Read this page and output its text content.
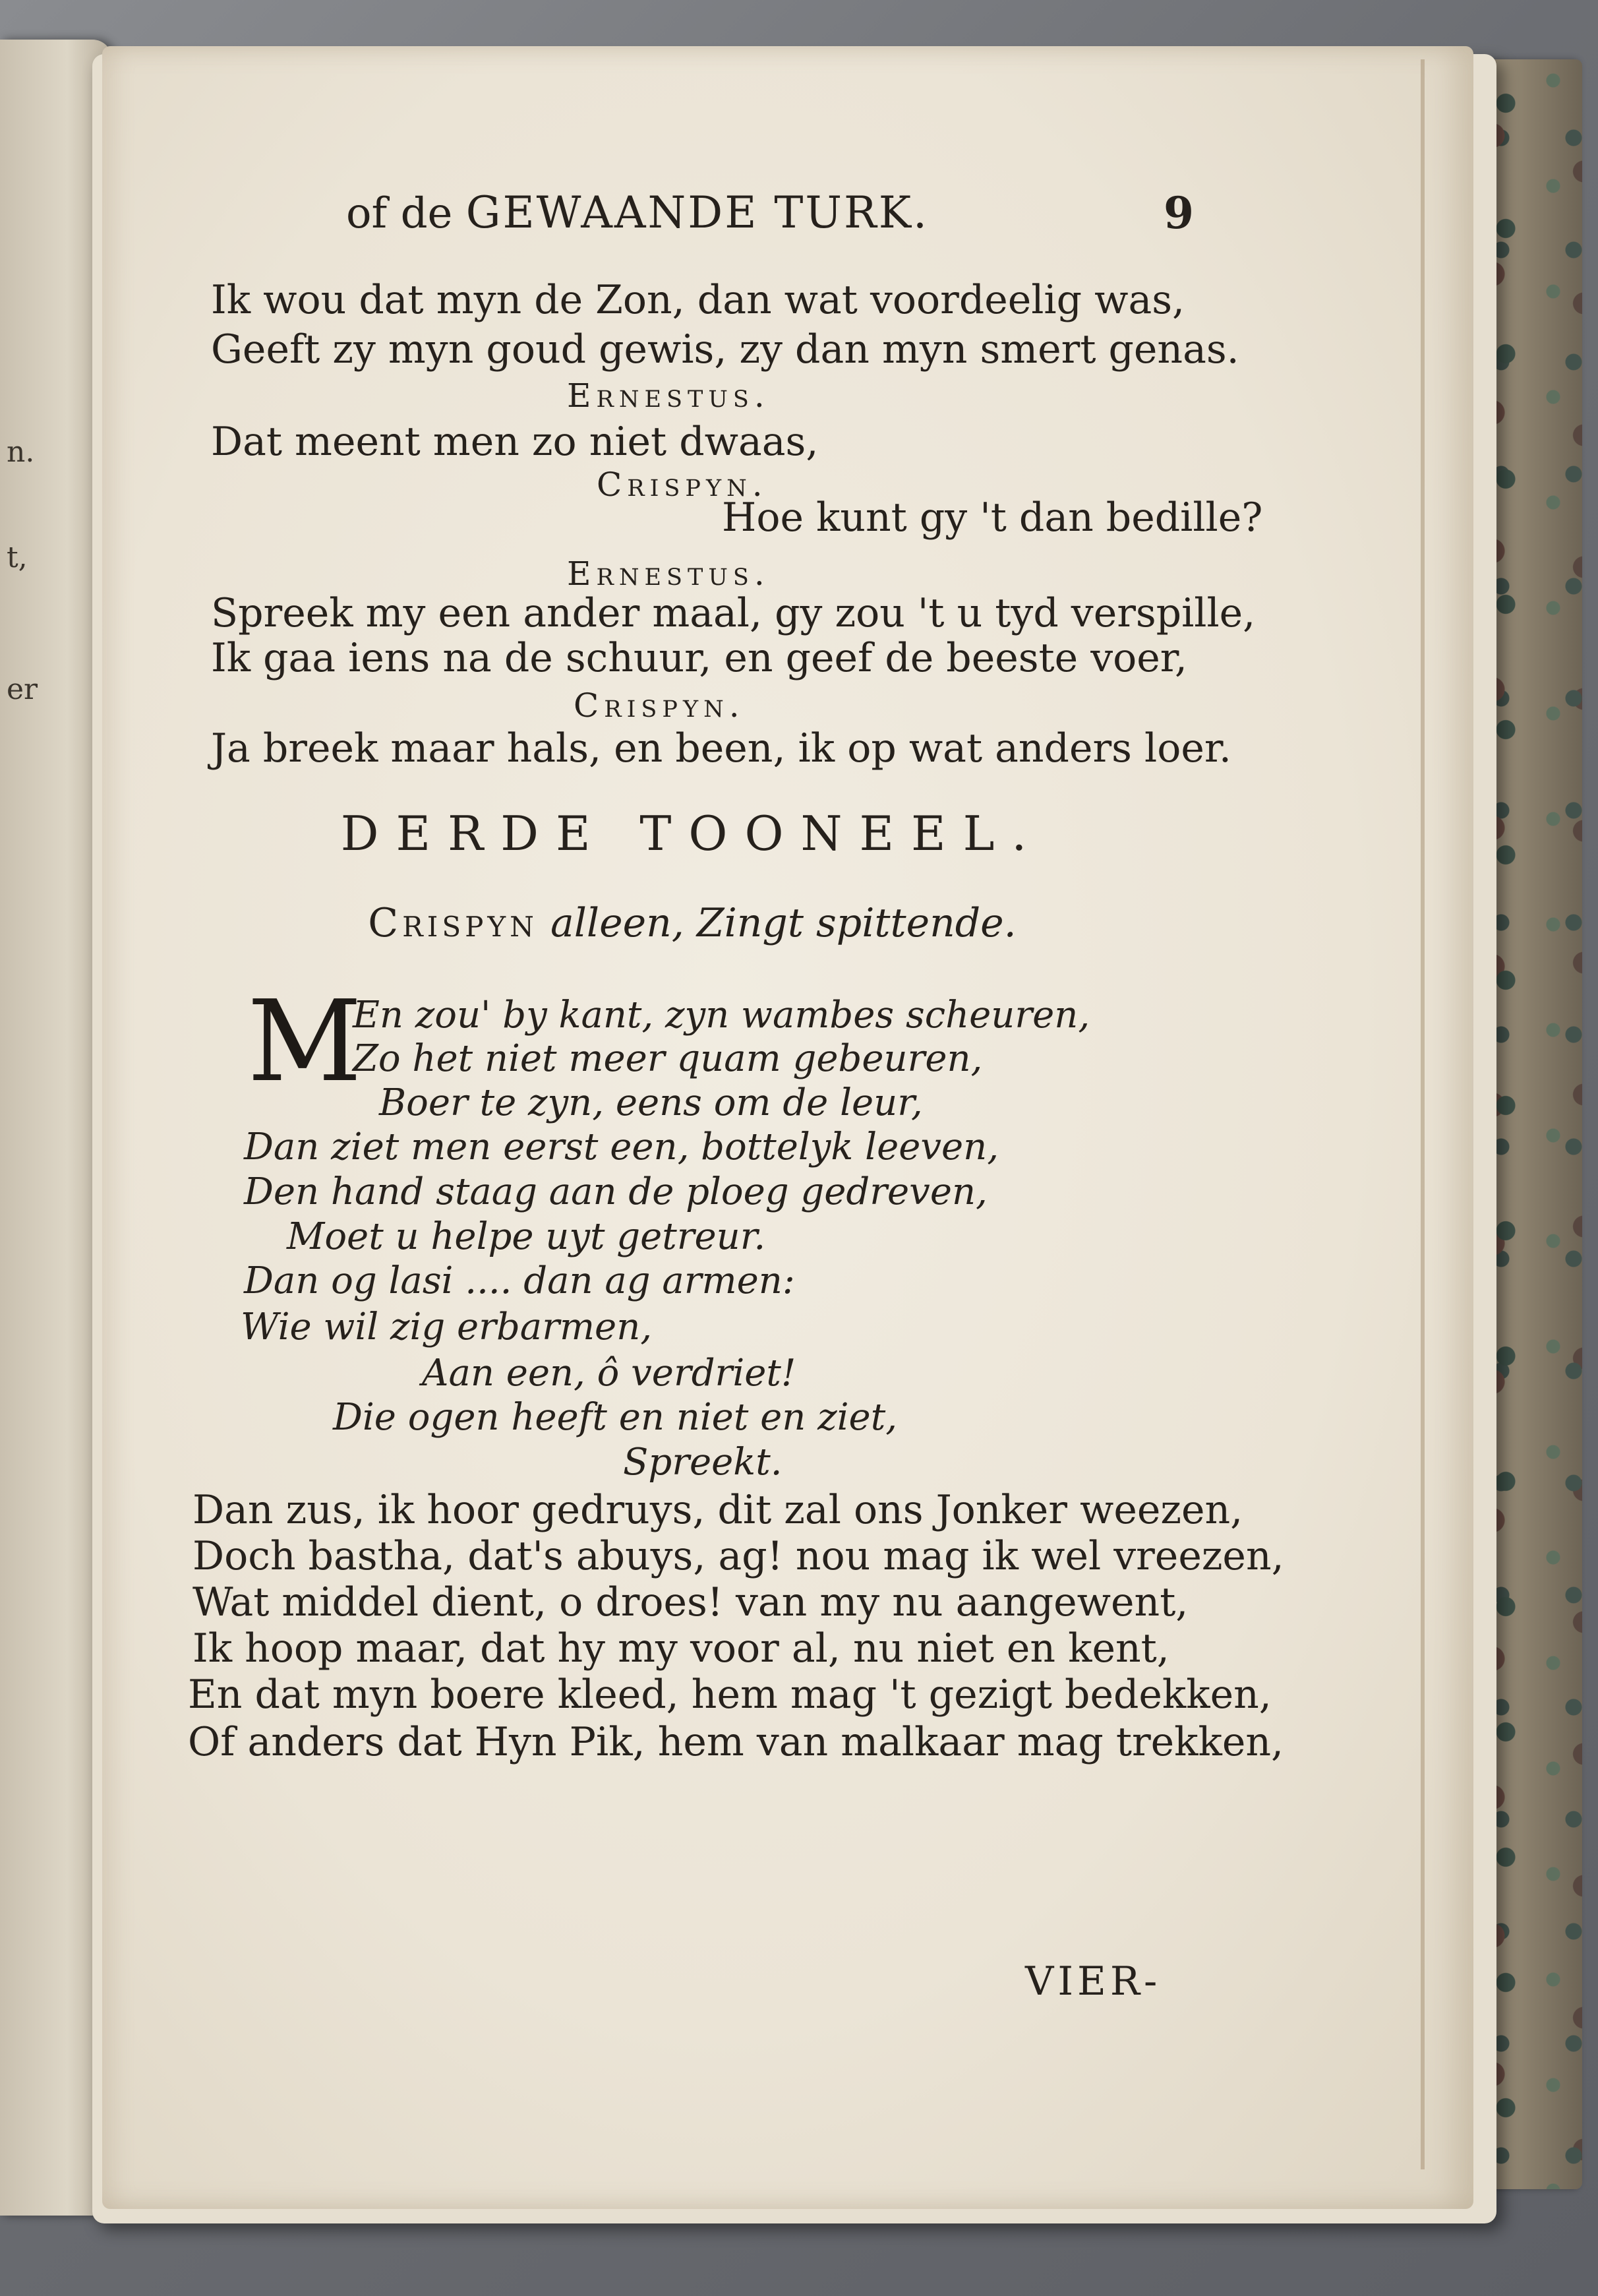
n.
t,
er
of de GEWAANDE TURK.	9
Ik wou dat myn de Zon, dan wat voordeelig was,
Geeft zy myn goud gewis, zy dan myn smert genas.
Ernestus.
Dat meent men zo niet dwaas,
Crispyn.
Hoe kunt gy 't dan bedille?
Ernestus.
Spreek my een ander maal, gy zou 't u tyd verspille,
Ik gaa iens na de schuur, en geef de beeste voer,
Crispyn.
Ja breek maar hals, en been, ik op wat anders loer.
DERDE TOONEEL.
Crispyn alleen, Zingt spittende.
M
En zou' by kant, zyn wambes scheuren,
Zo het niet meer quam gebeuren,
Boer te zyn, eens om de leur,
Dan ziet men eerst een, bottelyk leeven,
Den hand staag aan de ploeg gedreven,
Moet u helpe uyt getreur.
Dan og lasi .... dan ag armen:
Wie wil zig erbarmen,
Aan een, ô verdriet!
Die ogen heeft en niet en ziet,
Spreekt.
Dan zus, ik hoor gedruys, dit zal ons Jonker weezen,
Doch bastha, dat's abuys, ag! nou mag ik wel vreezen,
Wat middel dient, o droes! van my nu aangewent,
Ik hoop maar, dat hy my voor al, nu niet en kent,
En dat myn boere kleed, hem mag 't gezigt bedekken,
Of anders dat Hyn Pik, hem van malkaar mag trekken,
VIER-
